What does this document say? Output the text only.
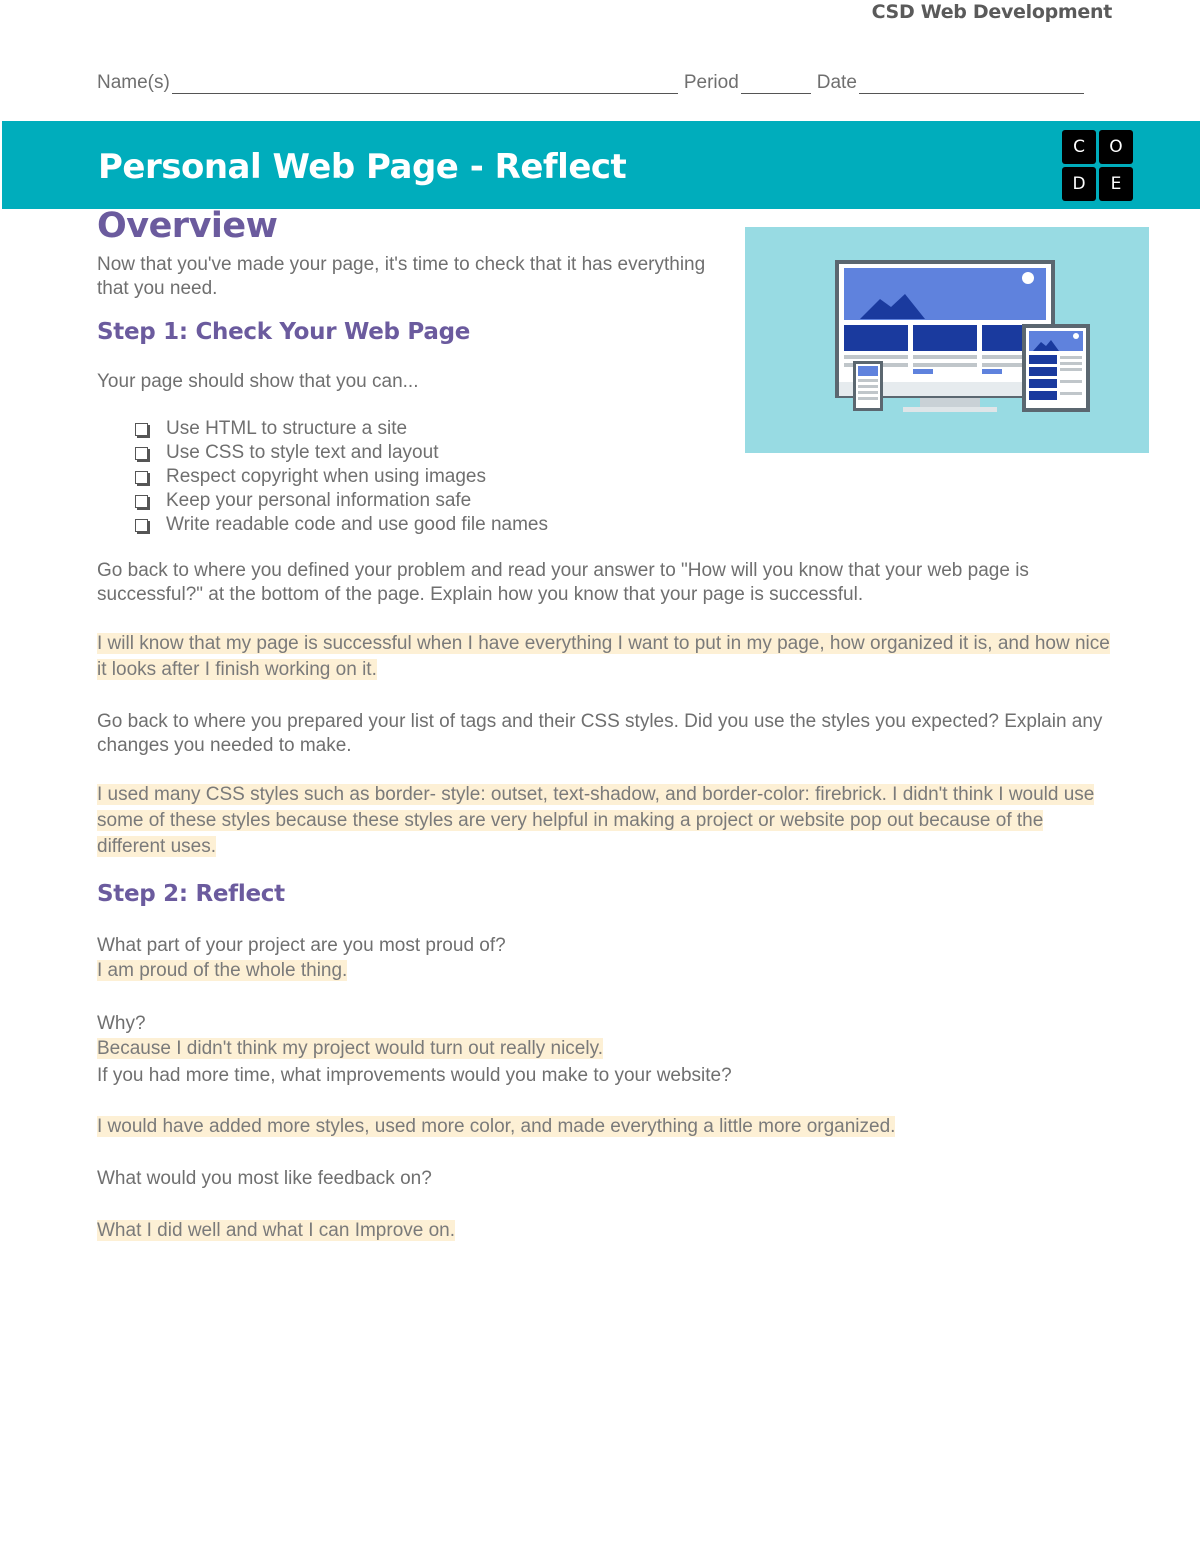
CSD Web Development
Name(s)	Period	Date
Personal Web Page - Reflect	C	O
D	E
Overview

Now that you've made your page, it's time to check that it has everything that you need.

Step 1: Check Your Web Page

Your page should show that you can...

Use HTML to structure a site
Use CSS to style text and layout
Respect copyright when using images
Keep your personal information safe
Write readable code and use good file names

Go back to where you defined your problem and read your answer to "How will you know that your web page is successful?" at the bottom of the page. Explain how you know that your page is successful.

I will know that my page is successful when I have everything I want to put in my page, how organized it is, and how nice it looks after I finish working on it.

Go back to where you prepared your list of tags and their CSS styles. Did you use the styles you expected? Explain any changes you needed to make.

I used many CSS styles such as border- style: outset, text-shadow, and border-color: firebrick. I didn't think I would use some of these styles because these styles are very helpful in making a project or website pop out because of the different uses.

Step 2: Reflect

What part of your project are you most proud of?

I am proud of the whole thing.

Why?

Because I didn't think my project would turn out really nicely.

If you had more time, what improvements would you make to your website?

I would have added more styles, used more color, and made everything a little more organized.

What would you most like feedback on?

What I did well and what I can Improve on.
